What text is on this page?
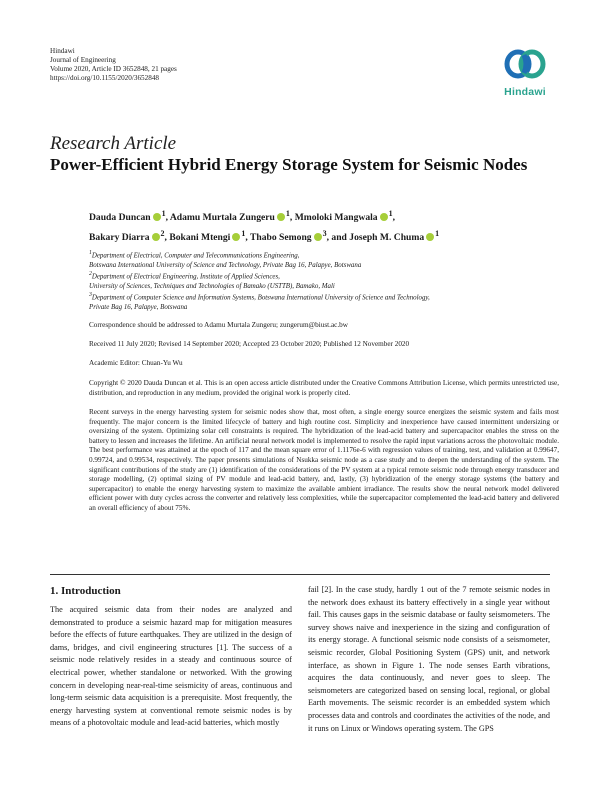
Hindawi
Journal of Engineering
Volume 2020, Article ID 3652848, 21 pages
https://doi.org/10.1155/2020/3652848
Hindawi
Research Article
Power-Efficient Hybrid Energy Storage System for Seismic Nodes
Dauda Duncan $^1$, Adamu Murtala Zungeru $^1$, Mmoloki Mangwala $^1$,
Bakary Diarra $^2$, Bokani Mtengi $^1$, Thabo Semong $^3$, and Joseph M. Chuma $^1$

$^1$Department of Electrical, Computer and Telecommunications Engineering,

Botswana International University of Science and Technology, Private Bag 16, Palapye, Botswana

$^2$Department of Electrical Engineering, Institute of Applied Sciences,

University of Sciences, Techniques and Technologies of Bamako (USTTB), Bamako, Mali

$^3$Department of Computer Science and Information Systems, Botswana International University of Science and Technology,

Private Bag 16, Palapye, Botswana

Correspondence should be addressed to Adamu Murtala Zungeru; zungerum@biust.ac.bw
Received 11 July 2020; Revised 14 September 2020; Accepted 23 October 2020; Published 12 November 2020
Academic Editor: Chuan-Yu Wu
Copyright © 2020 Dauda Duncan et al. This is an open access article distributed under the Creative Commons Attribution License, which permits unrestricted use, distribution, and reproduction in any medium, provided the original work is properly cited.
Recent surveys in the energy harvesting system for seismic nodes show that, most often, a single energy source energizes the seismic system and fails most frequently. The major concern is the limited lifecycle of battery and high routine cost. Simplicity and inexperience have caused intermittent undersizing or oversizing of the system. Optimizing solar cell constraints is required. The hybridization of the lead-acid battery and supercapacitor enables the stress on the battery to lessen and increases the lifetime. An artificial neural network model is implemented to resolve the rapid input variations across the photovoltaic module. The best performance was attained at the epoch of 117 and the mean square error of 1.1176e-6 with regression values of training, test, and validation at 0.99647, 0.99724, and 0.99534, respectively. The paper presents simulations of Nsukka seismic node as a case study and to deepen the understanding of the system. The significant contributions of the study are (1) identification of the considerations of the PV system at a typical remote seismic node through energy transducer and storage modelling, (2) optimal sizing of PV module and lead-acid battery, and, lastly, (3) hybridization of the energy storage systems (the battery and supercapacitor) to enable the energy harvesting system to maximize the available ambient irradiance. The results show the neural network model delivered efficient power with duty cycles across the converter and relatively less complexities, while the supercapacitor complemented the lead-acid battery and delivered an overall efficiency of about 75%.
1. Introduction

The acquired seismic data from their nodes are analyzed and demonstrated to produce a seismic hazard map for mitigation measures before the effects of future earthquakes. They are utilized in the design of dams, bridges, and civil engineering structures [1]. The success of a seismic node relatively resides in a steady and continuous source of electrical power, whether standalone or networked. With the growing concern in developing near-real-time seismicity of areas, continuous and long-term seismic data acquisition is a prerequisite. Most frequently, the energy harvesting system at conventional remote seismic nodes is by means of a photovoltaic module and lead-acid batteries, which mostly

fail [2]. In the case study, hardly 1 out of the 7 remote seismic nodes in the network does exhaust its battery effectively in a single year without fail. This causes gaps in the seismic database or faulty seismometers. The survey shows naive and inexperience in the sizing and configuration of its energy storage. A functional seismic node consists of a seismometer, seismic recorder, Global Positioning System (GPS) unit, and network interface, as shown in Figure 1. The node senses Earth vibrations, acquires the data continuously, and never goes to sleep. The seismometers are categorized based on sensing local, regional, or global Earth movements. The seismic recorder is an embedded system which processes data and controls and coordinates the activities of the node, and it runs on Linux or Windows operating system. The GPS
